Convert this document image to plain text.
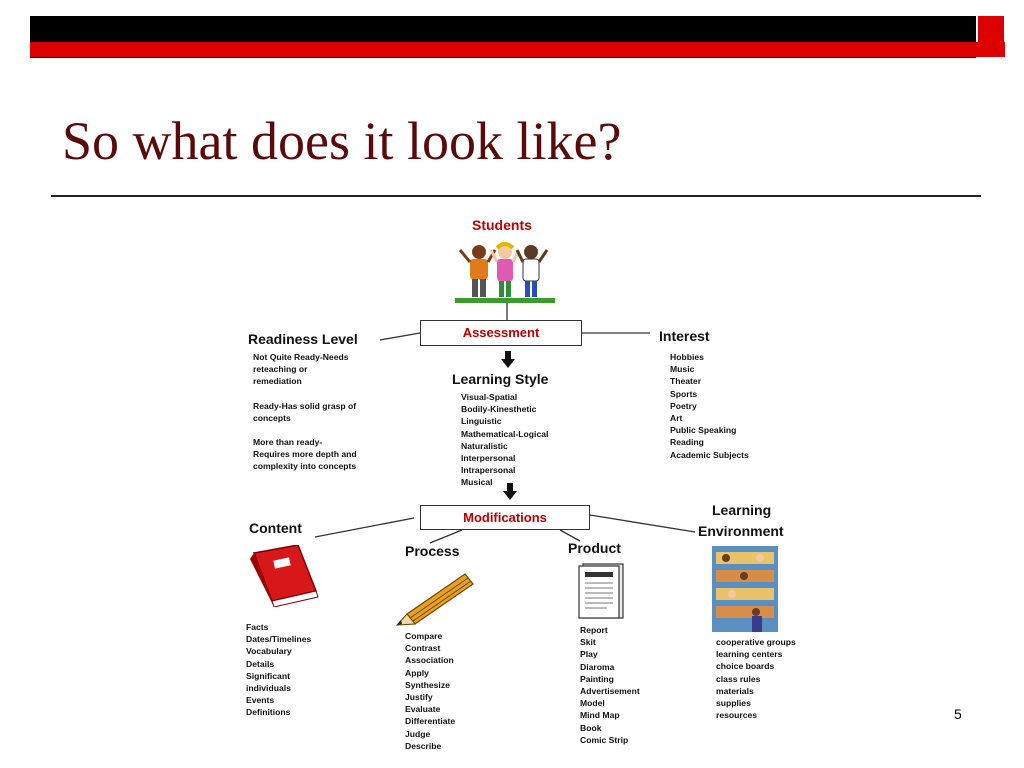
So what does it look like?
Students
Assessment
Readiness Level
Not Quite Ready-Needs
reteaching or
remediation
Ready-Has solid grasp of
concepts
More than ready-
Requires more depth and
complexity into concepts
Interest
Hobbies
Music
Theater
Sports
Poetry
Art
Public Speaking
Reading
Academic Subjects
Learning Style
Visual-Spatial
Bodily-Kinesthetic
Linguistic
Mathematical-Logical
Naturalistic
Interpersonal
Intrapersonal
Musical
Modifications
Content
Facts
Dates/Timelines
Vocabulary
Details
Significant
individuals
Events
Definitions
Process
Compare
Contrast
Association
Apply
Synthesize
Justify
Evaluate
Differentiate
Judge
Describe
Product
Report
Skit
Play
Diaroma
Painting
Advertisement
Model
Mind Map
Book
Comic Strip
Learning
Environment
cooperative groups
learning centers
choice boards
class rules
materials
supplies
resources	5
